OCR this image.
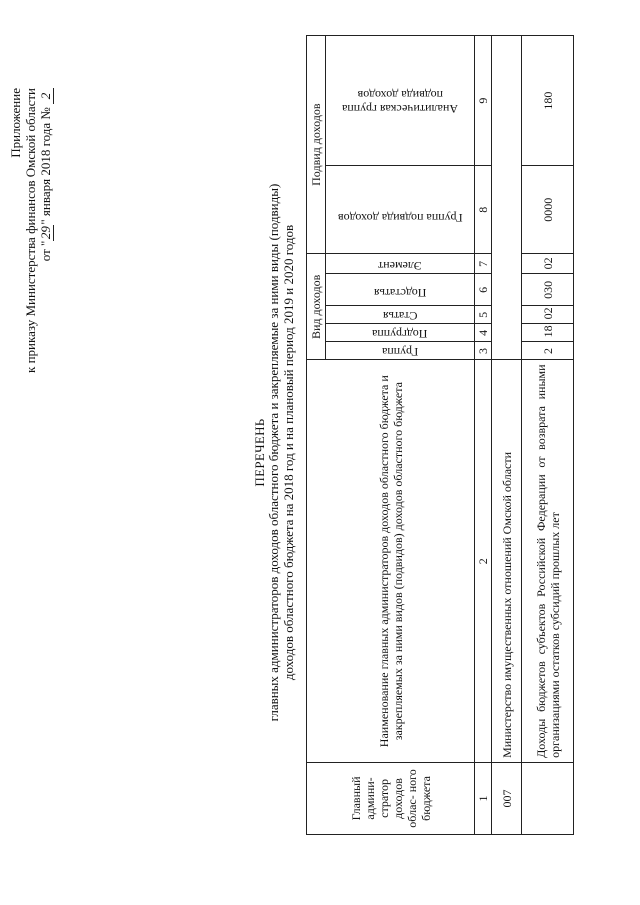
Приложение к приказу Министерства финансов Омской области от "29" января 2018 года № 2
ПЕРЕЧЕНЬ главных администраторов доходов областного бюджета и закрепляемые за ними виды (подвиды) доходов областного бюджета на 2018 год и на плановый период 2019 и 2020 годов
Главный админи- стратор доходов облас- ного бюджета	Наименование главных администраторов доходов областного бюджета и закрепляемых за ними видов (подвидов) доходов областного бюджета	Вид доходов					Подвид доходов	

		Группа	Подгруппа	Статья	Подстатья	Элемент	Группа подвида доходов	Аналитическая группа подвида доходов

1	2	3	4	5	6	7	8	9
007	Министерство имущественных отношений Омской области							
	Доходы бюджетов субъектов Российской Федерации от возврата иными организациями остатков субсидий прошлых лет	2	18	02	030	02	0000	180
